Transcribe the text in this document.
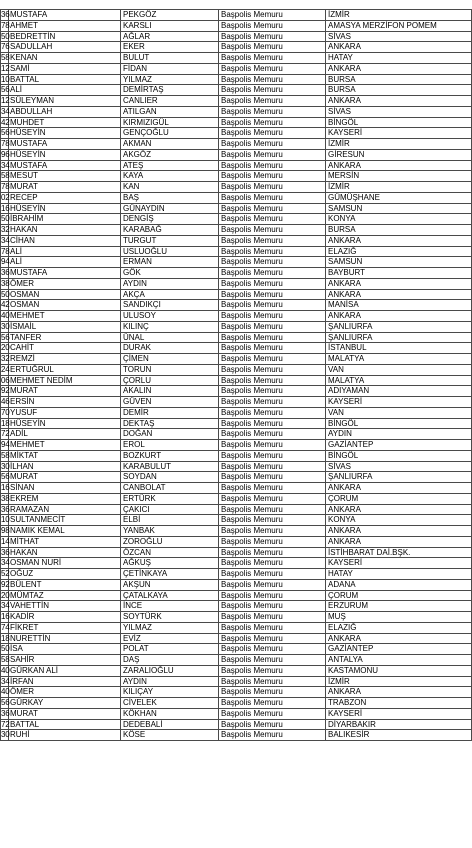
36	MUSTAFA	PEKGÖZ	Başpolis Memuru	İZMİR
78	AHMET	KARSLI	Başpolis Memuru	AMASYA MERZİFON POMEM
50	BEDRETTİN	AĞLAR	Başpolis Memuru	SİVAS
76	SADULLAH	EKER	Başpolis Memuru	ANKARA
58	KENAN	BULUT	Başpolis Memuru	HATAY
12	SAMİ	FİDAN	Başpolis Memuru	ANKARA
10	BATTAL	YILMAZ	Başpolis Memuru	BURSA
56	ALİ	DEMİRTAŞ	Başpolis Memuru	BURSA
12	SÜLEYMAN	CANLIER	Başpolis Memuru	ANKARA
34	ABDULLAH	ATILGAN	Başpolis Memuru	SİVAS
42	MUHDET	KIRMIZIGÜL	Başpolis Memuru	BİNGÖL
56	HÜSEYİN	GENÇOĞLU	Başpolis Memuru	KAYSERİ
78	MUSTAFA	AKMAN	Başpolis Memuru	İZMİR
96	HÜSEYİN	AKGÖZ	Başpolis Memuru	GİRESUN
34	MUSTAFA	ATEŞ	Başpolis Memuru	ANKARA
58	MESUT	KAYA	Başpolis Memuru	MERSİN
78	MURAT	KAN	Başpolis Memuru	İZMİR
02	RECEP	BAŞ	Başpolis Memuru	GÜMÜŞHANE
16	HÜSEYİN	GÜNAYDIN	Başpolis Memuru	SAMSUN
50	İBRAHİM	DENGİŞ	Başpolis Memuru	KONYA
32	HAKAN	KARABAĞ	Başpolis Memuru	BURSA
34	CİHAN	TURGUT	Başpolis Memuru	ANKARA
78	ALİ	USLUOĞLU	Başpolis Memuru	ELAZIĞ
94	ALİ	ERMAN	Başpolis Memuru	SAMSUN
36	MUSTAFA	GÖK	Başpolis Memuru	BAYBURT
38	ÖMER	AYDIN	Başpolis Memuru	ANKARA
50	OSMAN	AKÇA	Başpolis Memuru	ANKARA
42	OSMAN	SANDIKÇI	Başpolis Memuru	MANİSA
40	MEHMET	ULUSOY	Başpolis Memuru	ANKARA
30	İSMAİL	KILINÇ	Başpolis Memuru	ŞANLIURFA
56	TANFER	ÜNAL	Başpolis Memuru	ŞANLIURFA
20	CAHİT	DURAK	Başpolis Memuru	İSTANBUL
32	REMZİ	ÇİMEN	Başpolis Memuru	MALATYA
24	ERTUĞRUL	TORUN	Başpolis Memuru	VAN
06	MEHMET NEDİM	ÇORLU	Başpolis Memuru	MALATYA
92	MURAT	AKALIN	Başpolis Memuru	ADIYAMAN
46	ERSİN	GÜVEN	Başpolis Memuru	KAYSERİ
70	YUSUF	DEMİR	Başpolis Memuru	VAN
18	HÜSEYİN	DEKTAŞ	Başpolis Memuru	BİNGÖL
72	ADİL	DOĞAN	Başpolis Memuru	AYDIN
94	MEHMET	EROL	Başpolis Memuru	GAZİANTEP
58	MİKTAT	BOZKURT	Başpolis Memuru	BİNGÖL
30	İLHAN	KARABULUT	Başpolis Memuru	SİVAS
56	MURAT	SOYDAN	Başpolis Memuru	ŞANLIURFA
16	SİNAN	CANBOLAT	Başpolis Memuru	ANKARA
38	EKREM	ERTÜRK	Başpolis Memuru	ÇORUM
36	RAMAZAN	ÇAKICI	Başpolis Memuru	ANKARA
10	SULTANMECİT	ELBİ	Başpolis Memuru	KONYA
98	NAMIK KEMAL	YANBAK	Başpolis Memuru	ANKARA
14	MİTHAT	ZOROĞLU	Başpolis Memuru	ANKARA
36	HAKAN	ÖZCAN	Başpolis Memuru	İSTİHBARAT DAİ.BŞK.
34	OSMAN NURİ	AĞKUŞ	Başpolis Memuru	KAYSERİ
52	OĞUZ	ÇETİNKAYA	Başpolis Memuru	HATAY
92	BÜLENT	AKŞUN	Başpolis Memuru	ADANA
20	MÜMTAZ	ÇATALKAYA	Başpolis Memuru	ÇORUM
34	VAHETTİN	İNCE	Başpolis Memuru	ERZURUM
16	KADİR	SOYTÜRK	Başpolis Memuru	MUŞ
74	FİKRET	YILMAZ	Başpolis Memuru	ELAZIĞ
18	NURETTİN	EVİZ	Başpolis Memuru	ANKARA
50	İSA	POLAT	Başpolis Memuru	GAZİANTEP
58	SAHİR	DAŞ	Başpolis Memuru	ANTALYA
40	GÜRKAN ALİ	ZARALIOĞLU	Başpolis Memuru	KASTAMONU
34	İRFAN	AYDIN	Başpolis Memuru	İZMİR
40	ÖMER	KILIÇAY	Başpolis Memuru	ANKARA
56	GÜRKAY	CİVELEK	Başpolis Memuru	TRABZON
36	MURAT	KÖKHAN	Başpolis Memuru	KAYSERİ
72	BATTAL	DEDEBALİ	Başpolis Memuru	DİYARBAKIR
30	RUHİ	KÖSE	Başpolis Memuru	BALIKESİR
